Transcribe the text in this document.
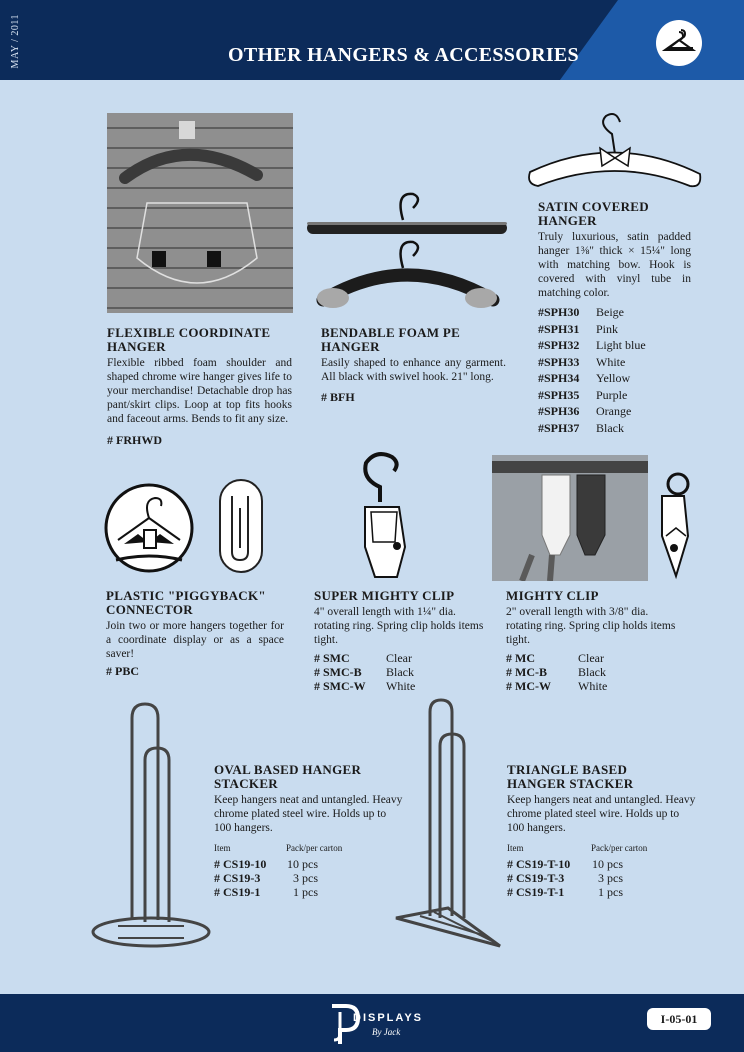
MAY / 2011	OTHER HANGERS & ACCESSORIES

FLEXIBLE COORDINATE

HANGER

Flexible ribbed foam shoulder and shaped chrome wire hanger gives life to your merchandise! Detachable drop has pant/skirt clips. Loop at top fits hooks and faceout arms. Bends to fit any size.

# FRHWD

BENDABLE FOAM PE

HANGER

Easily shaped to enhance any garment. All black with swivel hook. 21" long.

# BFH

SATIN COVERED

HANGER

Truly luxurious, satin padded hanger 1⅜" thick × 15¼" long with matching bow. Hook is covered with vinyl tube in matching color.

#SPH30	Beige
#SPH31	Pink
#SPH32	Light blue
#SPH33	White
#SPH34	Yellow
#SPH35	Purple
#SPH36	Orange
#SPH37	Black

PLASTIC "PIGGYBACK"

CONNECTOR

Join two or more hangers together for a coordinate display or as a space saver!

# PBC

SUPER MIGHTY CLIP

4" overall length with 1¼" dia. rotating ring. Spring clip holds items tight.

# SMC	Clear
# SMC-B	Black
# SMC-W	White

MIGHTY CLIP

2" overall length with 3/8" dia. rotating ring. Spring clip holds items tight.

# MC	Clear
# MC-B	Black
# MC-W	White

OVAL BASED HANGER

STACKER

Keep hangers neat and untangled. Heavy chrome plated steel wire. Holds up to 100 hangers.

Item	Pack/per carton
# CS19-10	10 pcs
# CS19-3	3 pcs
# CS19-1	1 pcs

TRIANGLE BASED

HANGER STACKER

Keep hangers neat and untangled. Heavy chrome plated steel wire. Holds up to 100 hangers.

Item	Pack/per carton
# CS19-T-10	10 pcs
# CS19-T-3	3 pcs
# CS19-T-1	1 pcs
DISPLAYS
By Jack
I-05-01
